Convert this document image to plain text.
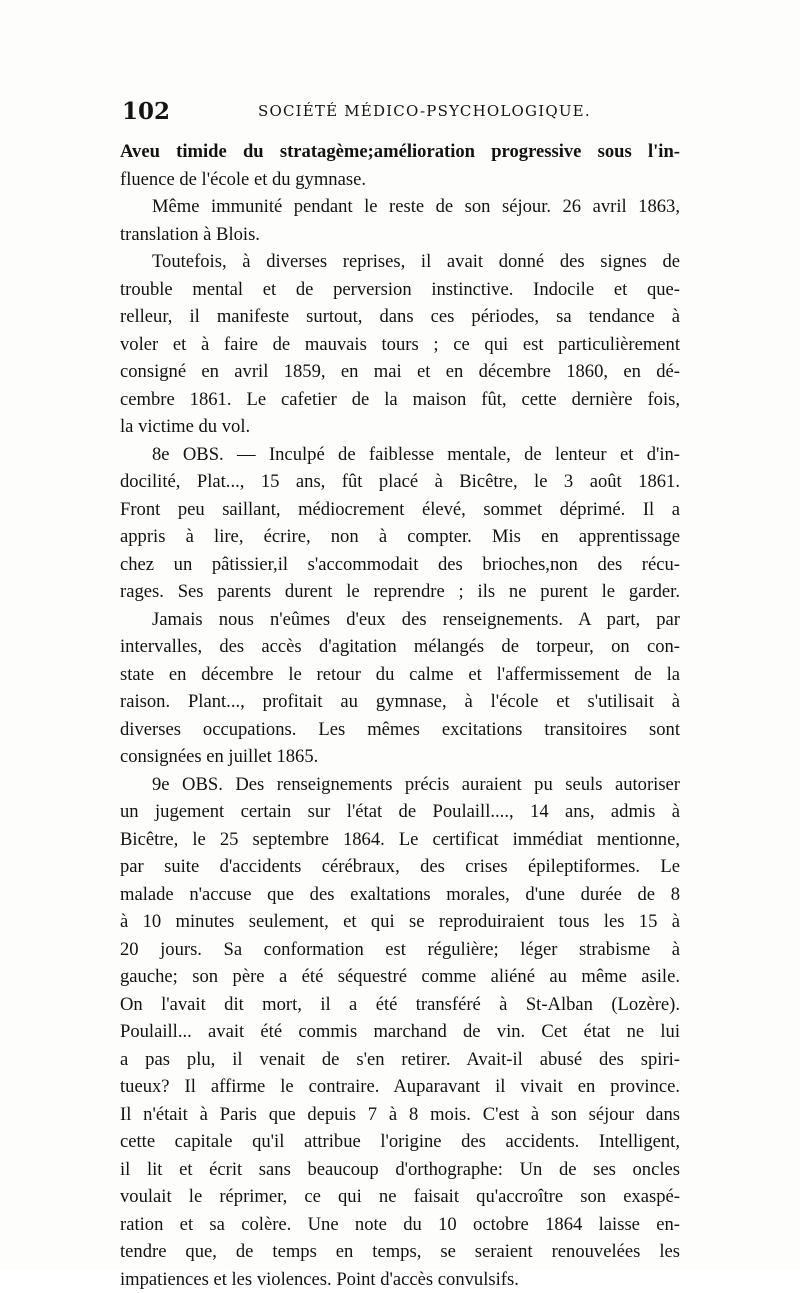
102	SOCIÉTÉ MÉDICO-PSYCHOLOGIQUE.
Aveu timide du stratagème;amélioration progressive sous l'in-
fluence de l'école et du gymnase.
Même immunité pendant le reste de son séjour. 26 avril 1863,
translation à Blois.
Toutefois, à diverses reprises, il avait donné des signes de
trouble mental et de perversion instinctive. Indocile et que-
relleur, il manifeste surtout, dans ces périodes, sa tendance à
voler et à faire de mauvais tours ; ce qui est particulièrement
consigné en avril 1859, en mai et en décembre 1860, en dé-
cembre 1861. Le cafetier de la maison fût, cette dernière fois,
la victime du vol.
8e OBS. — Inculpé de faiblesse mentale, de lenteur et d'in-
docilité, Plat..., 15 ans, fût placé à Bicêtre, le 3 août 1861.
Front peu saillant, médiocrement élevé, sommet déprimé. Il a
appris à lire, écrire, non à compter. Mis en apprentissage
chez un pâtissier,il s'accommodait des brioches,non des récu-
rages. Ses parents durent le reprendre ; ils ne purent le garder.
Jamais nous n'eûmes d'eux des renseignements. A part, par
intervalles, des accès d'agitation mélangés de torpeur, on con-
state en décembre le retour du calme et l'affermissement de la
raison. Plant..., profitait au gymnase, à l'école et s'utilisait à
diverses occupations. Les mêmes excitations transitoires sont
consignées en juillet 1865.
9e OBS. Des renseignements précis auraient pu seuls autoriser
un jugement certain sur l'état de Poulaill...., 14 ans, admis à
Bicêtre, le 25 septembre 1864. Le certificat immédiat mentionne,
par suite d'accidents cérébraux, des crises épileptiformes. Le
malade n'accuse que des exaltations morales, d'une durée de 8
à 10 minutes seulement, et qui se reproduiraient tous les 15 à
20 jours. Sa conformation est régulière; léger strabisme à
gauche; son père a été séquestré comme aliéné au même asile.
On l'avait dit mort, il a été transféré à St-Alban (Lozère).
Poulaill... avait été commis marchand de vin. Cet état ne lui
a pas plu, il venait de s'en retirer. Avait-il abusé des spiri-
tueux? Il affirme le contraire. Auparavant il vivait en province.
Il n'était à Paris que depuis 7 à 8 mois. C'est à son séjour dans
cette capitale qu'il attribue l'origine des accidents. Intelligent,
il lit et écrit sans beaucoup d'orthographe: Un de ses oncles
voulait le réprimer, ce qui ne faisait qu'accroître son exaspé-
ration et sa colère. Une note du 10 octobre 1864 laisse en-
tendre que, de temps en temps, se seraient renouvelées les
impatiences et les violences. Point d'accès convulsifs.
